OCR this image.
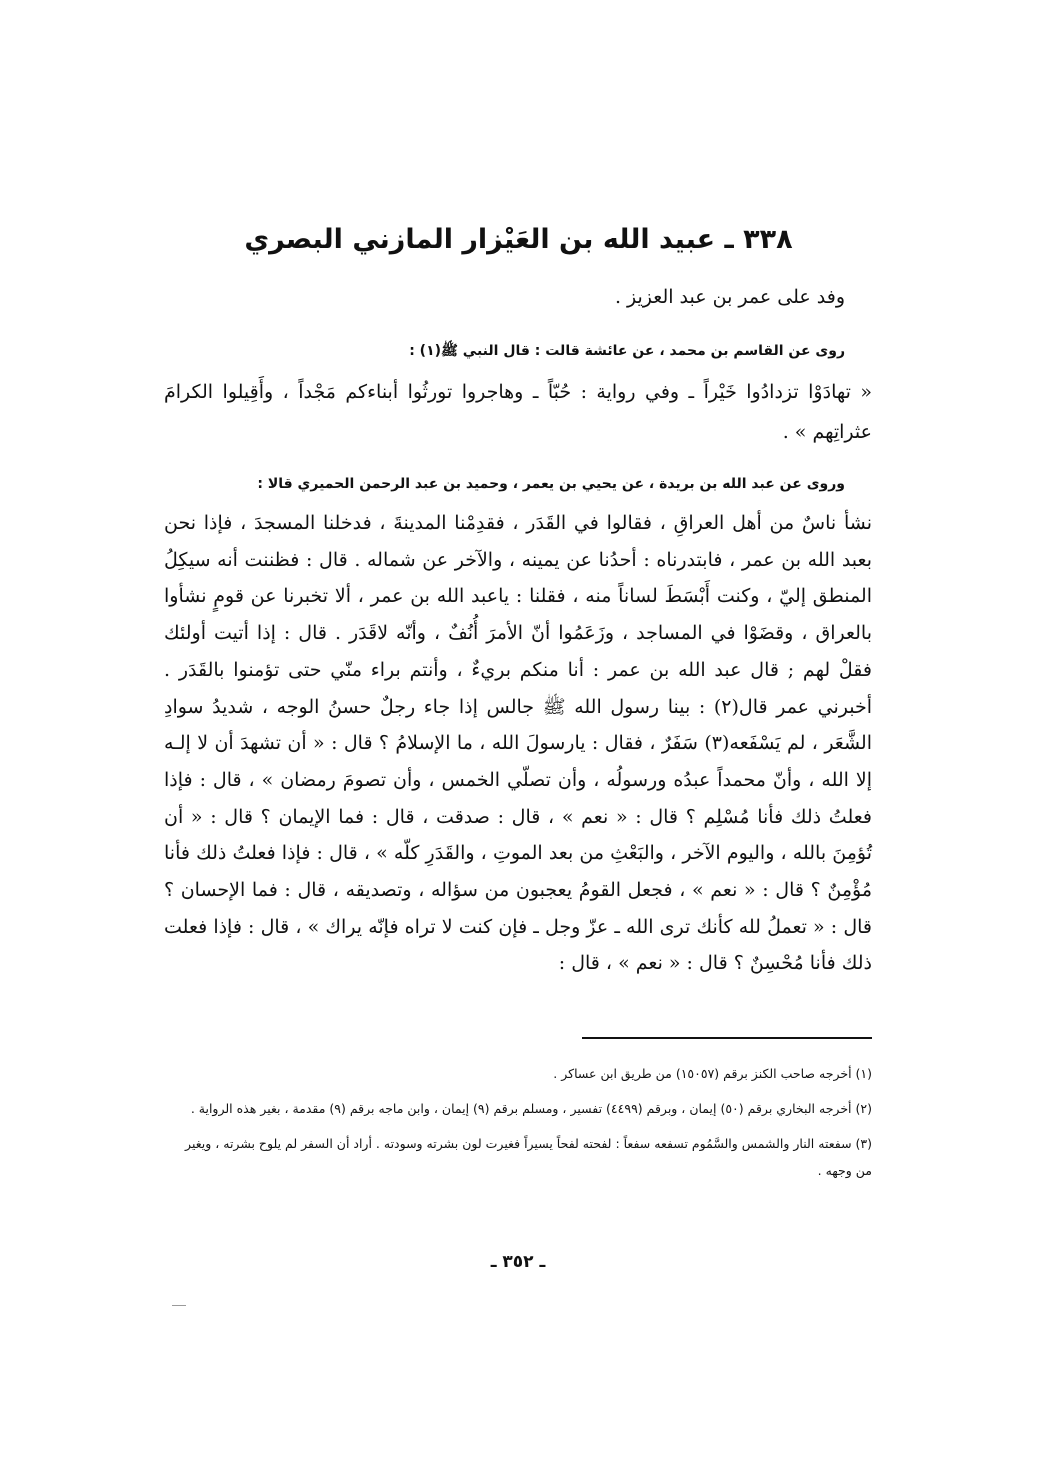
٣٣٨ ـ عبيد الله بن العَيْزار المازني البصري
وفد على عمر بن عبد العزيز .
روى عن القاسم بن محمد ، عن عائشة قالت : قال النبي ﷺ(١) :
« تهادَوْا تزدادُوا خَيْراً ـ وفي رواية : حُبّاً ـ وهاجروا تورثُوا أبناءكم مَجْداً ، وأَقِيلوا الكرامَ عثراتِهم » .
وروى عن عبد الله بن بريدة ، عن يحيي بن يعمر ، وحميد بن عبد الرحمن الحميري قالا :
نشأ ناسٌ من أهل العراقِ ، فقالوا في القَدَر ، فقدِمْنا المدينةَ ، فدخلنا المسجدَ ، فإذا نحن بعبد الله بن عمر ، فابتدرناه : أحدُنا عن يمينه ، والآخر عن شماله . قال : فظننت أنه سيكِلُ المنطق إليّ ، وكنت أَبْسَطَ لساناً منه ، فقلنا : ياعبد الله بن عمر ، ألا تخبرنا عن قومٍ نشأوا بالعراق ، وقضَوْا في المساجد ، وزَعَمُوا أنّ الأمرَ أُنُفٌ ، وأنّه لاقَدَر . قال : إذا أتيت أولئك فقلْ لهم ; قال عبد الله بن عمر : أنا منكم بريءٌ ، وأنتم براء منّي حتى تؤمنوا بالقَدَر . أخبرني عمر قال(٢) : بينا رسول الله ﷺ جالس إذا جاء رجلٌ حسنُ الوجه ، شديدُ سوادِ الشَّعَر ، لم يَسْفَعه(٣) سَفَرٌ ، فقال : يارسولَ الله ، ما الإسلامُ ؟ قال : « أن تشهدَ أن لا إلـه إلا الله ، وأنّ محمداً عبدُه ورسولُه ، وأن تصلّي الخمس ، وأن تصومَ رمضان » ، قال : فإذا فعلتُ ذلك فأنا مُسْلِم ؟ قال : « نعم » ، قال : صدقت ، قال : فما الإيمان ؟ قال : « أن تُؤمِنَ بالله ، واليوم الآخر ، والبَعْثِ من بعد الموتِ ، والقَدَرِ كلّه » ، قال : فإذا فعلتُ ذلك فأنا مُؤْمِنٌ ؟ قال : « نعم » ، فجعل القومُ يعجبون من سؤاله ، وتصديقه ، قال : فما الإحسان ؟ قال : « تعملُ لله كأنك ترى الله ـ عزّ وجل ـ فإن كنت لا تراه فإنّه يراك » ، قال : فإذا فعلت ذلك فأنا مُحْسِنٌ ؟ قال : « نعم » ، قال :

(١) أخرجه صاحب الكنز برقم (١٥٠٥٧) من طريق ابن عساكر .

(٢) أخرجه البخاري برقم (٥٠) إيمان ، وبرقم (٤٤٩٩) تفسير ، ومسلم برقم (٩) إيمان ، وابن ماجه برقم (٩) مقدمة ، بغير هذه الرواية .

(٣) سفعته النار والشمس والسَّمُوم تسفعه سفعاً : لفحته لفحاً يسيراً فغيرت لون بشرته وسودته . أراد أن السفر لم يلوح بشرته ، ويغير من وجهه .

ـ ٣٥٢ ـ
